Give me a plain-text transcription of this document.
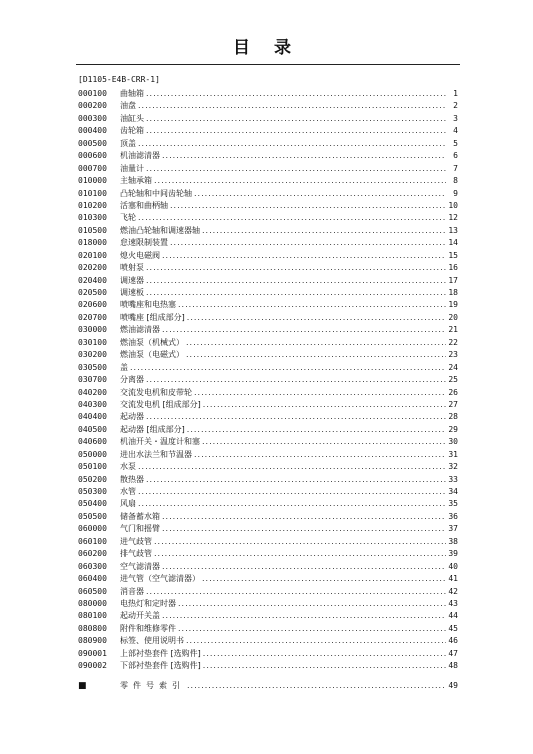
目 录
[D1105-E4B-CRR-1]
000100	曲轴箱 .....	1
000200	油盘 .....	2
000300	油缸头 .....	3
000400	齿轮箱 .....	4
000500	顶盖 .....	5
000600	机油滤清器 .....	6
000700	油量计 .....	7
010000	主轴承箱 .....	8
010100	凸轮轴和中间齿轮轴 .....	9
010200	活塞和曲柄轴 .....	10
010300	飞轮 .....	12
010500	燃油凸轮轴和调速器轴 .....	13
018000	怠速限制装置 .....	14
020100	熄火电磁阀 .....	15
020200	喷射泵 .....	16
020400	调速器 .....	17
020500	调速板 .....	18
020600	喷嘴座和电热塞 .....	19
020700	喷嘴座 [组成部分] .....	20
030000	燃油滤清器 .....	21
030100	燃油泵（机械式） .....	22
030200	燃油泵（电磁式） .....	23
030500	盖 .....	24
030700	分离器 .....	25
040200	交流发电机和皮带轮 .....	26
040300	交流发电机 [组成部分] .....	27
040400	起动器 .....	28
040500	起动器 [组成部分] .....	29
040600	机油开关・温度计和塞 .....	30
050000	进出水法兰和节温器 .....	31
050100	水泵 .....	32
050200	散热器 .....	33
050300	水管 .....	34
050400	风扇 .....	35
050500	储备蓄水箱 .....	36
060000	气门和摇臂 .....	37
060100	进气歧管 .....	38
060200	排气歧管 .....	39
060300	空气滤清器 .....	40
060400	进气管（空气滤清器） .....	41
060500	消音器 .....	42
080000	电热灯和定时器 .....	43
080100	起动开关盖 .....	44
080800	附件和维修零件 .....	45
080900	标签、使用说明书 .....	46
090001	上部衬垫套件 [选购件] .....	47
090002	下部衬垫套件 [选购件] .....	48
■	零件号索引 .....	49
